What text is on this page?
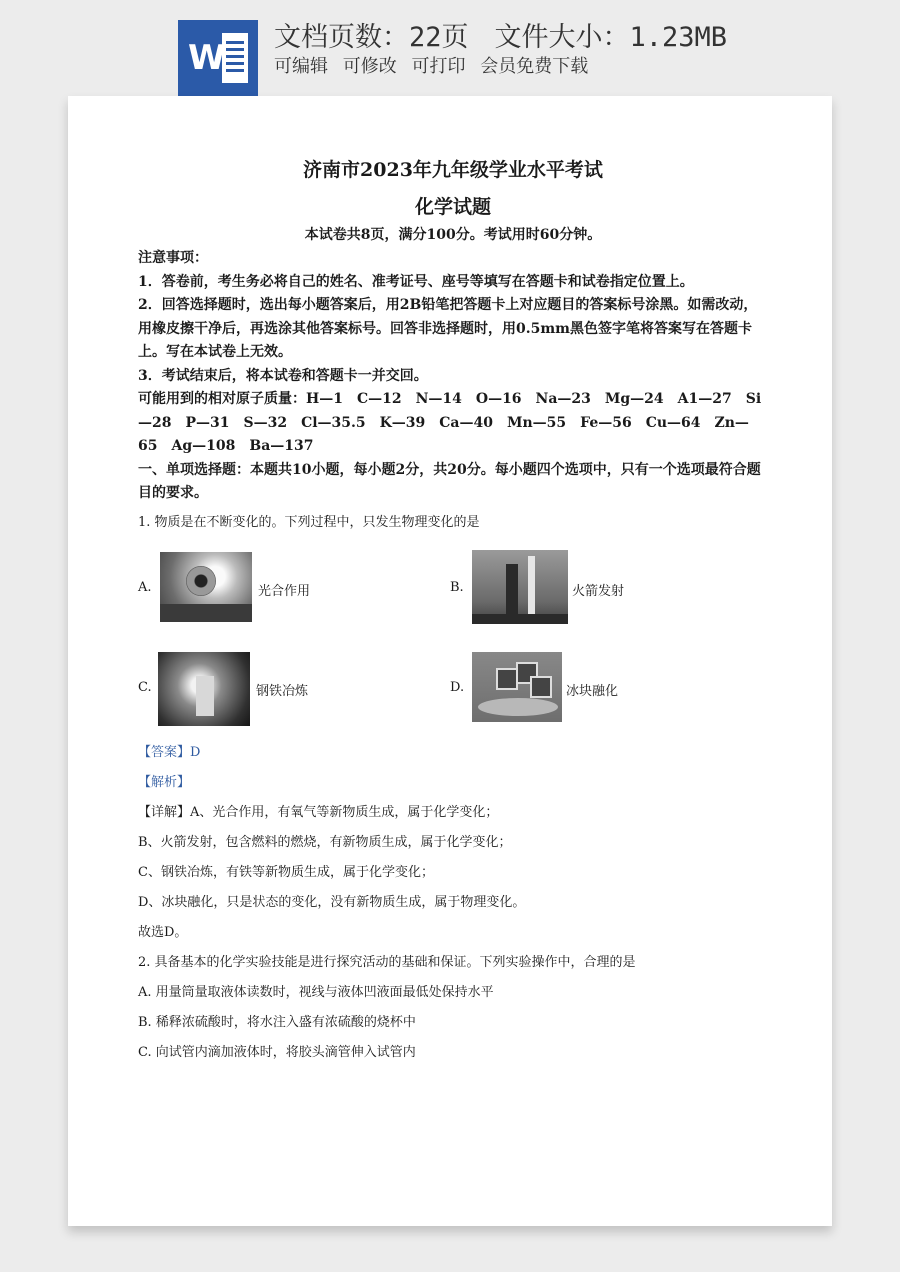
W
文档页数：22页 文件大小：1.23MB
可编辑 可修改 可打印 会员免费下载
济南市2023年九年级学业水平考试
化学试题
本试卷共8页，满分100分。考试用时60分钟。
注意事项：
1．答卷前，考生务必将自己的姓名、准考证号、座号等填写在答题卡和试卷指定位置上。
2．回答选择题时，选出每小题答案后，用2B铅笔把答题卡上对应题目的答案标号涂黑。如需改动，用橡皮擦干净后，再选涂其他答案标号。回答非选择题时，用0.5mm黑色签字笔将答案写在答题卡上。写在本试卷上无效。
3．考试结束后，将本试卷和答题卡一并交回。
可能用到的相对原子质量：H—1　C—12　N—14　O—16　Na—23　Mg—24　A1—27　Si—28　P—31　S—32　Cl—35.5　K—39　Ca—40　Mn—55　Fe—56　Cu—64　Zn—65　Ag—108　Ba—137
一、单项选择题：本题共10小题，每小题2分，共20分。每小题四个选项中，只有一个选项最符合题目的要求。
1. 物质是在不断变化的。下列过程中，只发生物理变化的是
A.	光合作用	B.	火箭发射
C.	钢铁冶炼	D.	冰块融化
【答案】D
【解析】
【详解】A、光合作用，有氧气等新物质生成，属于化学变化；
B、火箭发射，包含燃料的燃烧，有新物质生成，属于化学变化；
C、钢铁冶炼，有铁等新物质生成，属于化学变化；
D、冰块融化，只是状态的变化，没有新物质生成，属于物理变化。
故选D。
2. 具备基本的化学实验技能是进行探究活动的基础和保证。下列实验操作中，合理的是
A. 用量筒量取液体读数时，视线与液体凹液面最低处保持水平
B. 稀释浓硫酸时，将水注入盛有浓硫酸的烧杯中
C. 向试管内滴加液体时，将胶头滴管伸入试管内
